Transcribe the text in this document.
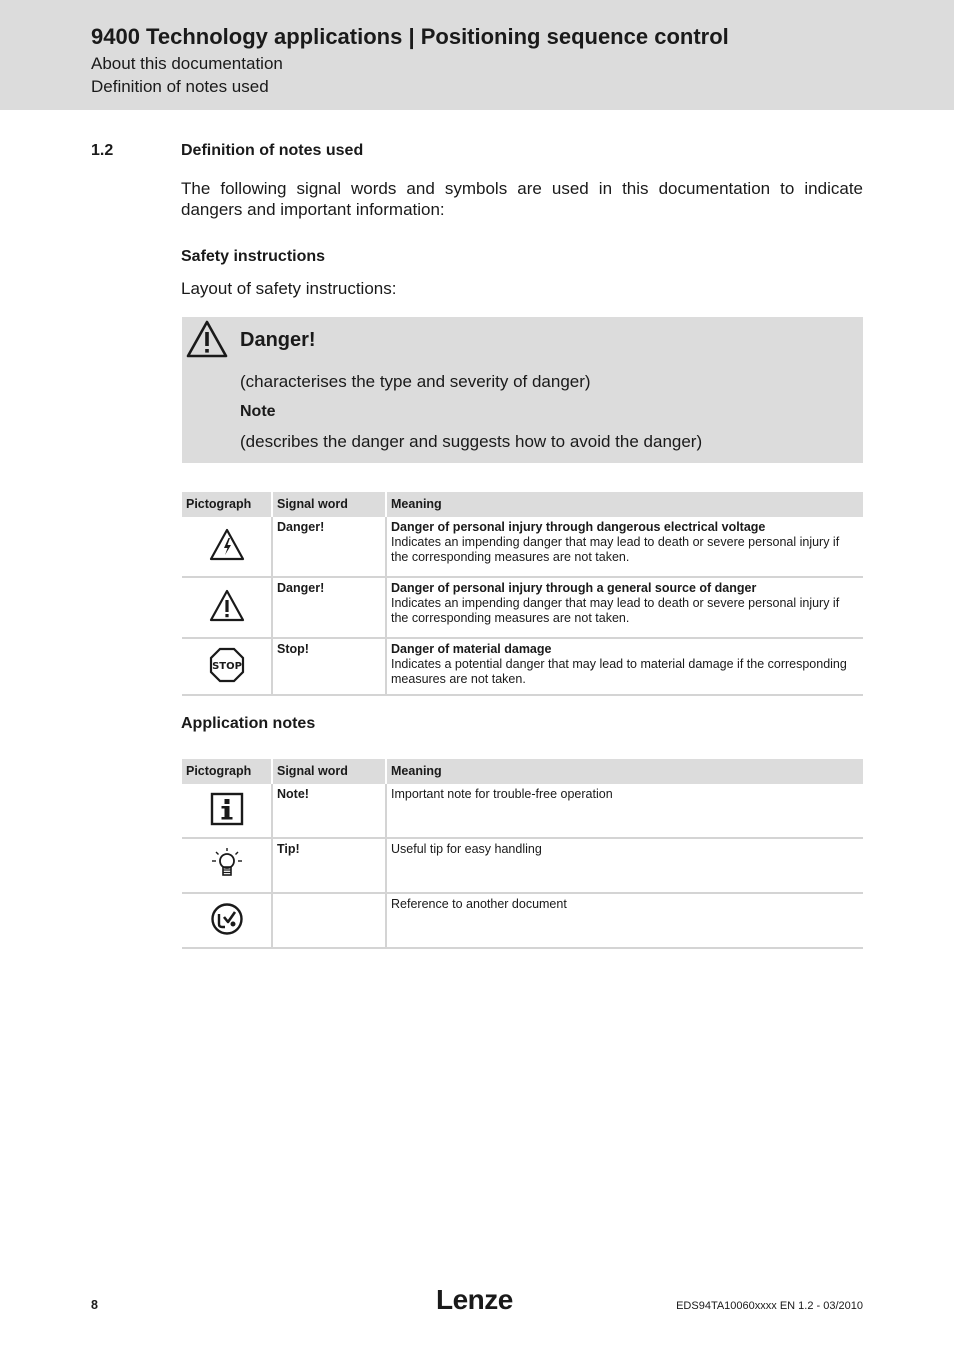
9400 Technology applications | Positioning sequence control
About this documentation
Definition of notes used
1.2	Definition of notes used
The following signal words and symbols are used in this documentation to indicate dangers and important information:
Safety instructions
Layout of safety instructions:
Danger!
(characterises the type and severity of danger)
Note
(describes the danger and suggests how to avoid the danger)
Pictograph	Signal word	Meaning
	Danger!	Danger of personal injury through dangerous electrical voltage
Indicates an impending danger that may lead to death or severe personal injury if the corresponding measures are not taken.

	Danger!	Danger of personal injury through a general source of danger
Indicates an impending danger that may lead to death or severe personal injury if the corresponding measures are not taken.

STOP	Stop!	Danger of material damage
Indicates a potential danger that may lead to material damage if the corresponding measures are not taken.
Application notes
Pictograph	Signal word	Meaning
	Note!	Important note for trouble-free operation
	Tip!	Useful tip for easy handling
		Reference to another document
8	Lenze	EDS94TA10060xxxx EN 1.2 - 03/2010
